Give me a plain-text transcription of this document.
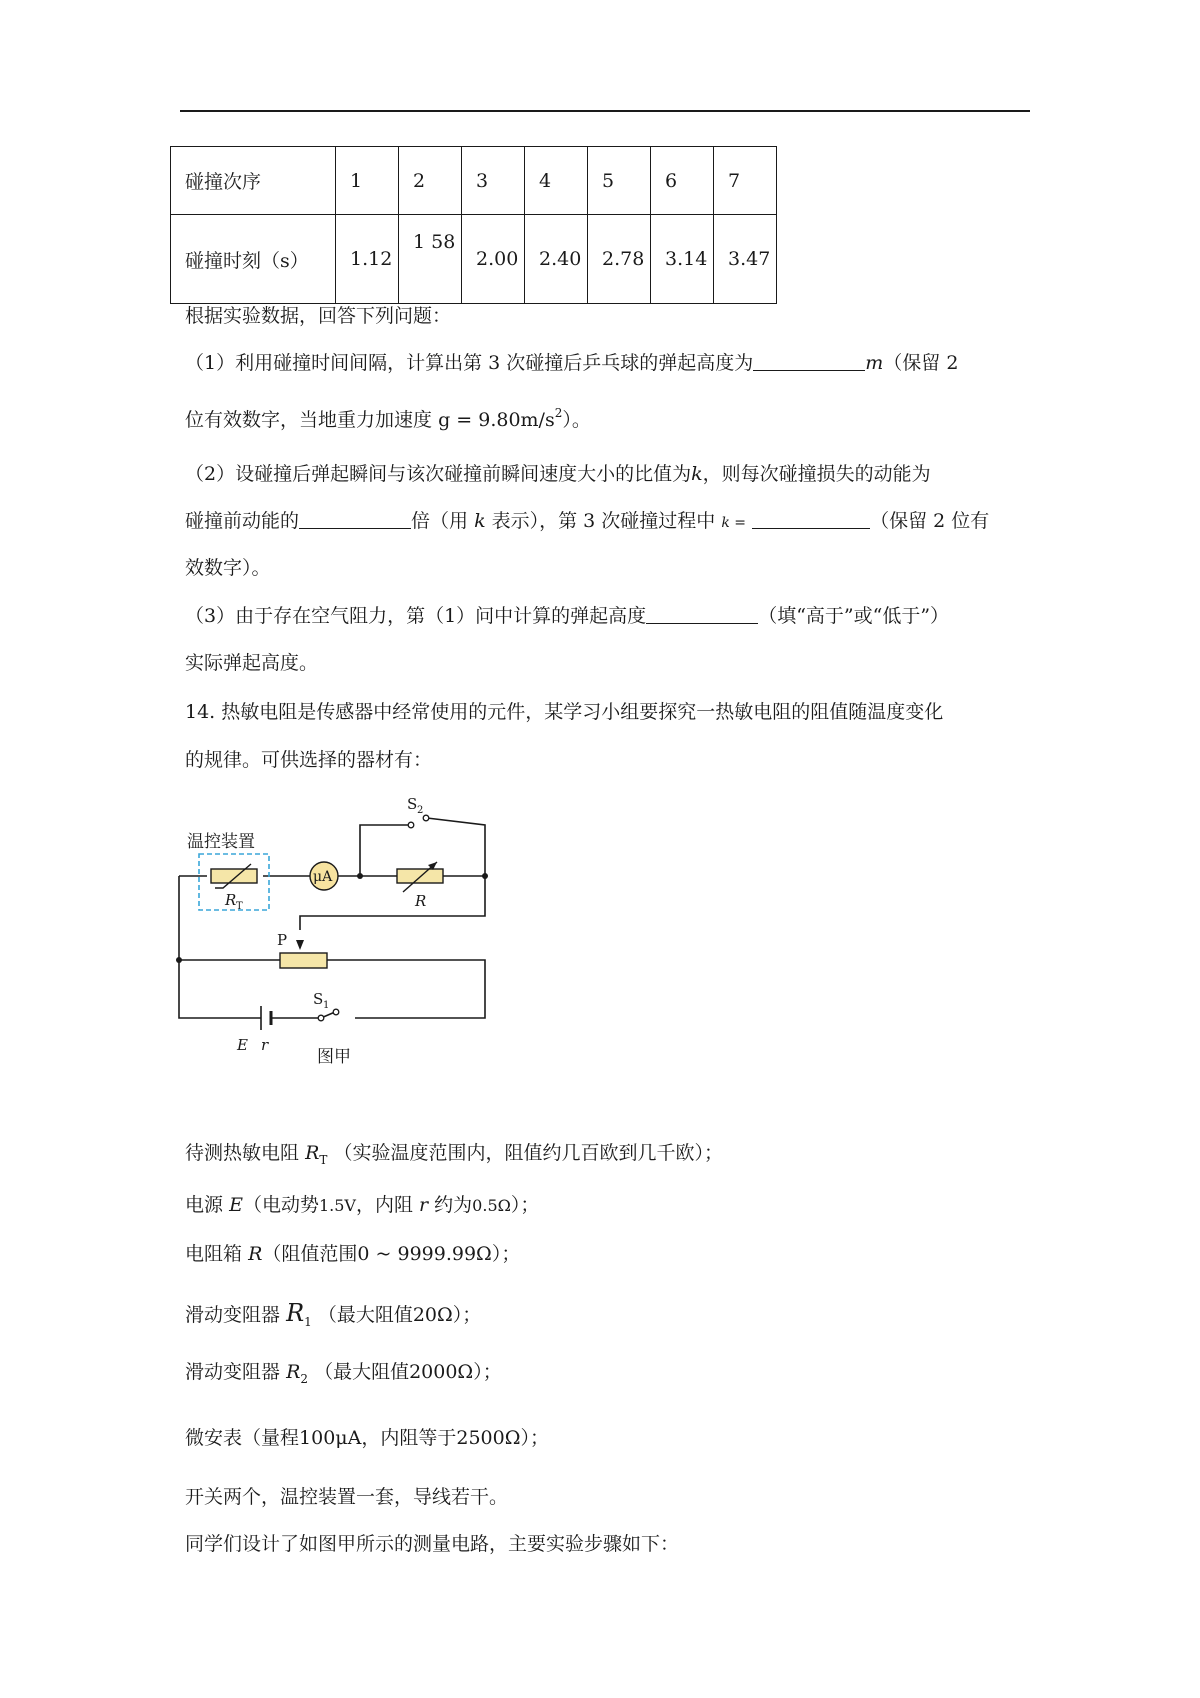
碰撞次序	1	2	3	4	5	6	7
碰撞时刻（s）	1.12	1 58	2.00	2.40	2.78	3.14	3.47
根据实验数据，回答下列问题：
（1）利用碰撞时间间隔，计算出第 3 次碰撞后乒乓球的弹起高度为	m（保留 2
位有效数字，当地重力加速度 $g = 9.80m/s^2$）。
（2）设碰撞后弹起瞬间与该次碰撞前瞬间速度大小的比值为k，则每次碰撞损失的动能为
碰撞前动能的	倍（用 k 表示），第 3 次碰撞过程中 k =	（保留 2 位有
效数字）。
（3）由于存在空气阻力，第（1）问中计算的弹起高度	（填“高于”或“低于”）
实际弹起高度。
14. 热敏电阻是传感器中经常使用的元件，某学习小组要探究一热敏电阻的阻值随温度变化
的规律。可供选择的器材有：
温控装置
R T
μA
R
S 2
P
E r
S 1
图甲
待测热敏电阻 $R_T$ （实验温度范围内，阻值约几百欧到几千欧）；
电源 E（电动势1.5V，内阻 r 约为0.5Ω）；
电阻箱 R（阻值范围0 ~ 9999.99Ω）；
滑动变阻器 $R_1$ （最大阻值20Ω）；
滑动变阻器 $R_2$ （最大阻值2000Ω）；
微安表（量程100μA，内阻等于2500Ω）；
开关两个，温控装置一套，导线若干。
同学们设计了如图甲所示的测量电路，主要实验步骤如下：
